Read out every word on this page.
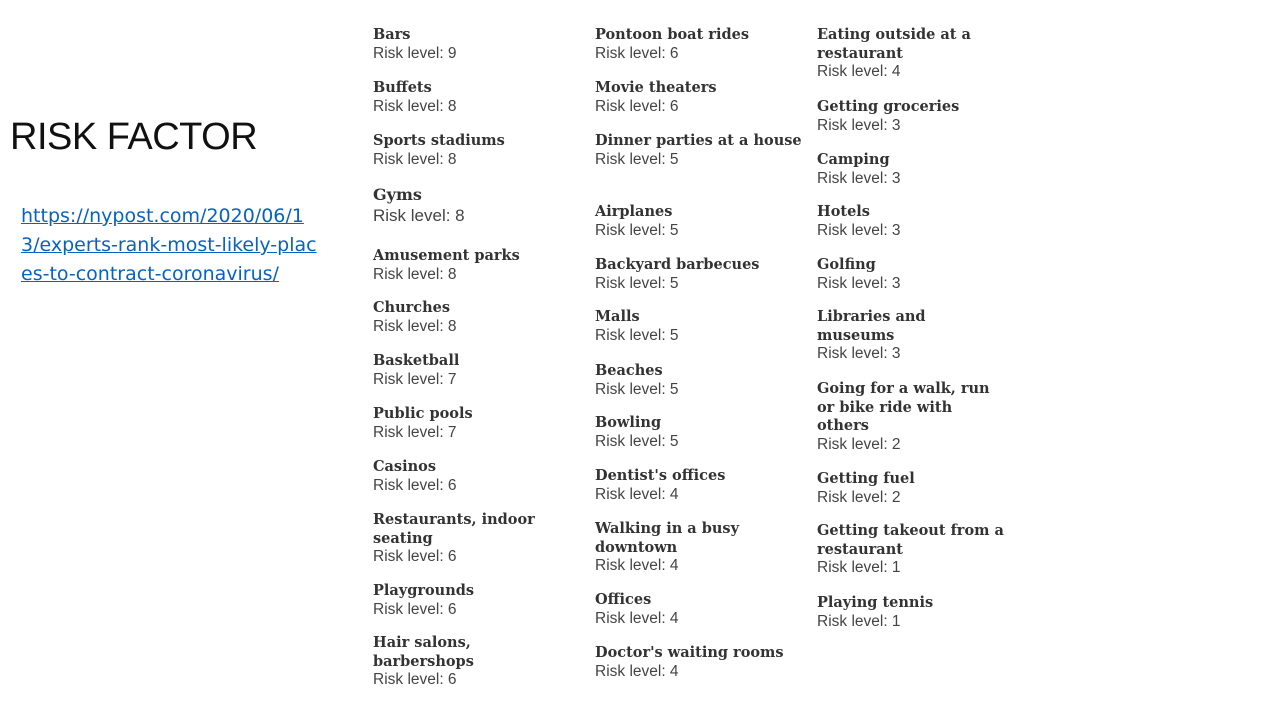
RISK FACTOR
https://nypost.com/2020/06/13/experts-rank-most-likely-places-to-contract-coronavirus/
Bars
Risk level: 9
Buffets
Risk level: 8
Sports stadiums
Risk level: 8
Gyms
Risk level: 8
Amusement parks
Risk level: 8
Churches
Risk level: 8
Basketball
Risk level: 7
Public pools
Risk level: 7
Casinos
Risk level: 6
Restaurants, indoor seating
Risk level: 6
Playgrounds
Risk level: 6
Hair salons, barbershops
Risk level: 6
Pontoon boat rides
Risk level: 6
Movie theaters
Risk level: 6
Dinner parties at a house
Risk level: 5
Airplanes
Risk level: 5
Backyard barbecues
Risk level: 5
Malls
Risk level: 5
Beaches
Risk level: 5
Bowling
Risk level: 5
Dentist's offices
Risk level: 4
Walking in a busy downtown
Risk level: 4
Offices
Risk level: 4
Doctor's waiting rooms
Risk level: 4
Eating outside at a restaurant
Risk level: 4
Getting groceries
Risk level: 3
Camping
Risk level: 3
Hotels
Risk level: 3
Golfing
Risk level: 3
Libraries and museums
Risk level: 3
Going for a walk, run or bike ride with others
Risk level: 2
Getting fuel
Risk level: 2
Getting takeout from a restaurant
Risk level: 1
Playing tennis
Risk level: 1
